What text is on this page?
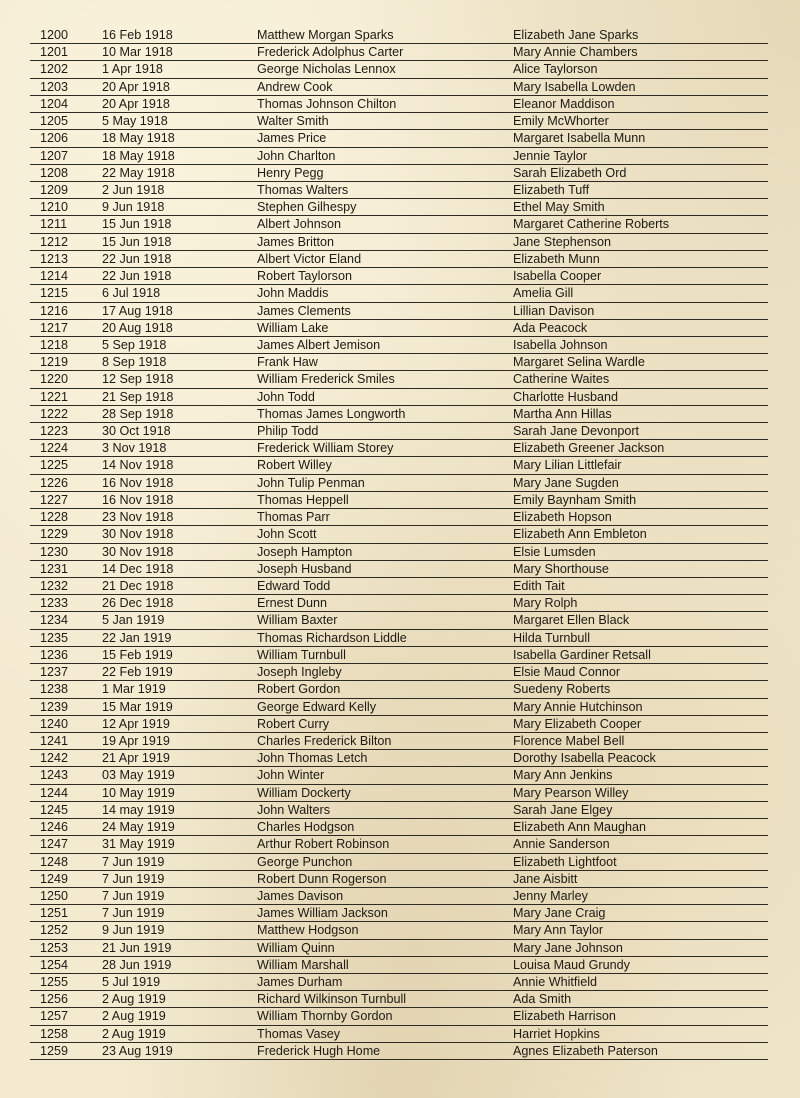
1200	16 Feb 1918	Matthew Morgan Sparks	Elizabeth Jane Sparks
1201	10 Mar 1918	Frederick Adolphus Carter	Mary Annie Chambers
1202	1 Apr 1918	George Nicholas Lennox	Alice Taylorson
1203	20 Apr 1918	Andrew Cook	Mary Isabella Lowden
1204	20 Apr 1918	Thomas Johnson Chilton	Eleanor Maddison
1205	5 May 1918	Walter Smith	Emily McWhorter
1206	18 May 1918	James Price	Margaret Isabella Munn
1207	18 May 1918	John Charlton	Jennie Taylor
1208	22 May 1918	Henry Pegg	Sarah Elizabeth Ord
1209	2 Jun 1918	Thomas Walters	Elizabeth Tuff
1210	9 Jun 1918	Stephen Gilhespy	Ethel May Smith
1211	15 Jun 1918	Albert Johnson	Margaret Catherine Roberts
1212	15 Jun 1918	James Britton	Jane Stephenson
1213	22 Jun 1918	Albert Victor Eland	Elizabeth Munn
1214	22 Jun 1918	Robert Taylorson	Isabella Cooper
1215	6 Jul 1918	John Maddis	Amelia Gill
1216	17 Aug 1918	James Clements	Lillian Davison
1217	20 Aug 1918	William Lake	Ada Peacock
1218	5 Sep 1918	James Albert Jemison	Isabella Johnson
1219	8 Sep 1918	Frank Haw	Margaret Selina Wardle
1220	12 Sep 1918	William Frederick Smiles	Catherine Waites
1221	21 Sep 1918	John Todd	Charlotte Husband
1222	28 Sep 1918	Thomas James Longworth	Martha Ann Hillas
1223	30 Oct 1918	Philip Todd	Sarah Jane Devonport
1224	3 Nov 1918	Frederick William Storey	Elizabeth Greener Jackson
1225	14 Nov 1918	Robert Willey	Mary Lilian Littlefair
1226	16 Nov 1918	John Tulip Penman	Mary Jane Sugden
1227	16 Nov 1918	Thomas Heppell	Emily Baynham Smith
1228	23 Nov 1918	Thomas Parr	Elizabeth Hopson
1229	30 Nov 1918	John Scott	Elizabeth Ann Embleton
1230	30 Nov 1918	Joseph Hampton	Elsie Lumsden
1231	14 Dec 1918	Joseph Husband	Mary Shorthouse
1232	21 Dec 1918	Edward Todd	Edith Tait
1233	26 Dec 1918	Ernest Dunn	Mary Rolph
1234	5 Jan 1919	William Baxter	Margaret Ellen Black
1235	22 Jan 1919	Thomas Richardson Liddle	Hilda Turnbull
1236	15 Feb 1919	William Turnbull	Isabella Gardiner Retsall
1237	22 Feb 1919	Joseph Ingleby	Elsie Maud Connor
1238	1 Mar 1919	Robert Gordon	Suedeny Roberts
1239	15 Mar 1919	George Edward Kelly	Mary Annie Hutchinson
1240	12 Apr 1919	Robert Curry	Mary Elizabeth Cooper
1241	19 Apr 1919	Charles Frederick Bilton	Florence Mabel Bell
1242	21 Apr 1919	John Thomas Letch	Dorothy Isabella Peacock
1243	03 May 1919	John Winter	Mary Ann Jenkins
1244	10 May 1919	William Dockerty	Mary Pearson Willey
1245	14 may 1919	John Walters	Sarah Jane Elgey
1246	24 May 1919	Charles Hodgson	Elizabeth Ann Maughan
1247	31 May 1919	Arthur Robert Robinson	Annie Sanderson
1248	7 Jun 1919	George Punchon	Elizabeth Lightfoot
1249	7 Jun 1919	Robert Dunn Rogerson	Jane Aisbitt
1250	7 Jun 1919	James Davison	Jenny Marley
1251	7 Jun 1919	James William Jackson	Mary Jane Craig
1252	9 Jun 1919	Matthew Hodgson	Mary Ann Taylor
1253	21 Jun 1919	William Quinn	Mary Jane Johnson
1254	28 Jun 1919	William Marshall	Louisa Maud Grundy
1255	5 Jul 1919	James Durham	Annie Whitfield
1256	2 Aug 1919	Richard Wilkinson Turnbull	Ada Smith
1257	2 Aug 1919	William Thornby Gordon	Elizabeth Harrison
1258	2 Aug 1919	Thomas Vasey	Harriet Hopkins
1259	23 Aug 1919	Frederick Hugh Home	Agnes Elizabeth Paterson
